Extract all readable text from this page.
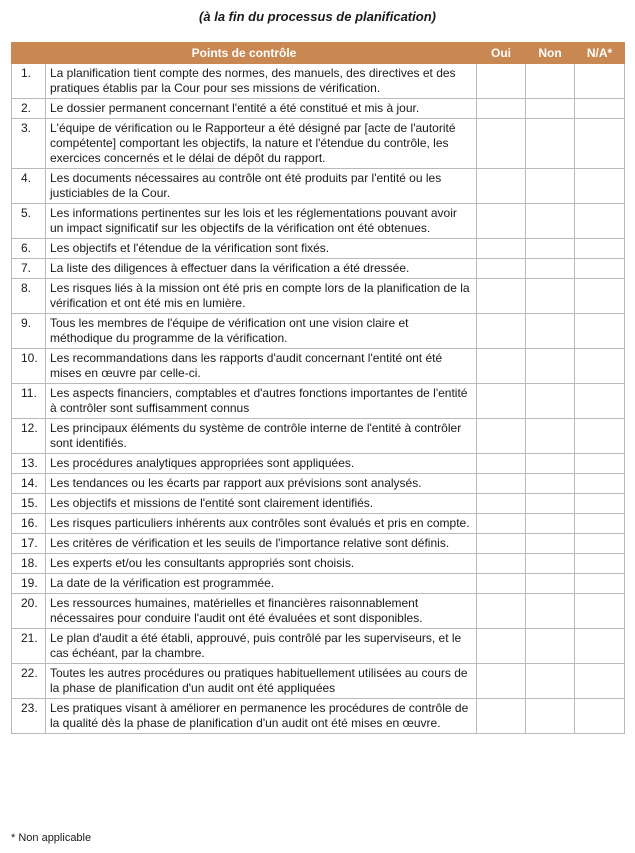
(à la fin du processus de planification)
Points de contrôle		Oui	Non	N/A*
1.	La planification tient compte des normes, des manuels, des directives et des pratiques établis par la Cour pour ses missions de vérification.			
2.	Le dossier permanent concernant l'entité a été constitué et mis à jour.			
3.	L'équipe de vérification ou le Rapporteur a été désigné par [acte de l'autorité compétente] comportant les objectifs, la nature et l'étendue du contrôle, les exercices concernés et le délai de dépôt du rapport.			
4.	Les documents nécessaires au contrôle ont été produits par l'entité ou les justiciables de la Cour.			
5.	Les informations pertinentes sur les lois et les réglementations pouvant avoir un impact significatif sur les objectifs de la vérification ont été obtenues.			
6.	Les objectifs et l'étendue de la vérification sont fixés.			
7.	La liste des diligences à effectuer dans la vérification a été dressée.			
8.	Les risques liés à la mission ont été pris en compte lors de la planification de la vérification et ont été mis en lumière.			
9.	Tous les membres de l'équipe de vérification ont une vision claire et méthodique du programme de la vérification.			
10.	Les recommandations dans les rapports d'audit concernant l'entité ont été mises en œuvre par celle-ci.			
11.	Les aspects financiers, comptables et d'autres fonctions importantes de l'entité à contrôler sont suffisamment connus			
12.	Les principaux éléments du système de contrôle interne de l'entité à contrôler sont identifiés.			
13.	Les procédures analytiques appropriées sont appliquées.			
14.	Les tendances ou les écarts par rapport aux prévisions sont analysés.			
15.	Les objectifs et missions de l'entité sont clairement identifiés.			
16.	Les risques particuliers inhérents aux contrôles sont évalués et pris en compte.			
17.	Les critères de vérification et les seuils de l'importance relative sont définis.			
18.	Les experts et/ou les consultants appropriés sont choisis.			
19.	La date de la vérification est programmée.			
20.	Les ressources humaines, matérielles et financières raisonnablement nécessaires pour conduire l'audit ont été évaluées et sont disponibles.			
21.	Le plan d'audit a été établi, approuvé, puis contrôlé par les superviseurs, et le cas échéant, par la chambre.			
22.	Toutes les autres procédures ou pratiques habituellement utilisées au cours de la phase de planification d'un audit ont été appliquées			
23.	Les pratiques visant à améliorer en permanence les procédures de contrôle de la qualité dès la phase de planification d'un audit ont été mises en œuvre.			
* Non applicable
